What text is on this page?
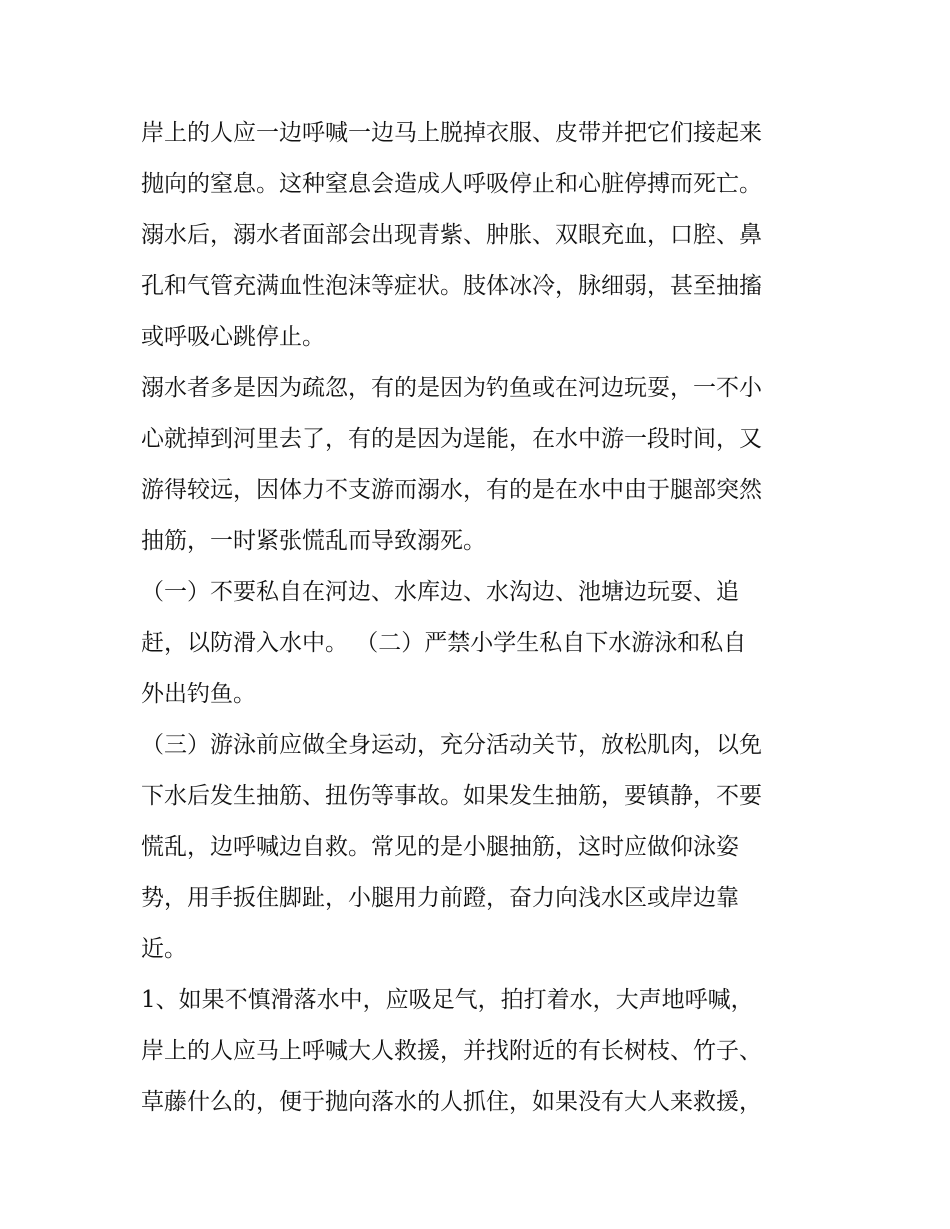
岸上的人应一边呼喊一边马上脱掉衣服、皮带并把它们接起来
抛向的窒息。这种窒息会造成人呼吸停止和心脏停搏而死亡。
溺水后，溺水者面部会出现青紫、肿胀、双眼充血，口腔、鼻
孔和气管充满血性泡沫等症状。肢体冰冷，脉细弱，甚至抽搐
或呼吸心跳停止。
溺水者多是因为疏忽，有的是因为钓鱼或在河边玩耍，一不小
心就掉到河里去了，有的是因为逞能，在水中游一段时间，又
游得较远，因体力不支游而溺水，有的是在水中由于腿部突然
抽筋，一时紧张慌乱而导致溺死。
（一）不要私自在河边、水库边、水沟边、池塘边玩耍、追
赶，以防滑入水中。 （二）严禁小学生私自下水游泳和私自
外出钓鱼。
（三）游泳前应做全身运动，充分活动关节，放松肌肉，以免
下水后发生抽筋、扭伤等事故。如果发生抽筋，要镇静，不要
慌乱，边呼喊边自救。常见的是小腿抽筋，这时应做仰泳姿
势，用手扳住脚趾，小腿用力前蹬，奋力向浅水区或岸边靠
近。
1、如果不慎滑落水中，应吸足气，拍打着水，大声地呼喊，
岸上的人应马上呼喊大人救援，并找附近的有长树枝、竹子、
草藤什么的，便于抛向落水的人抓住，如果没有大人来救援，
